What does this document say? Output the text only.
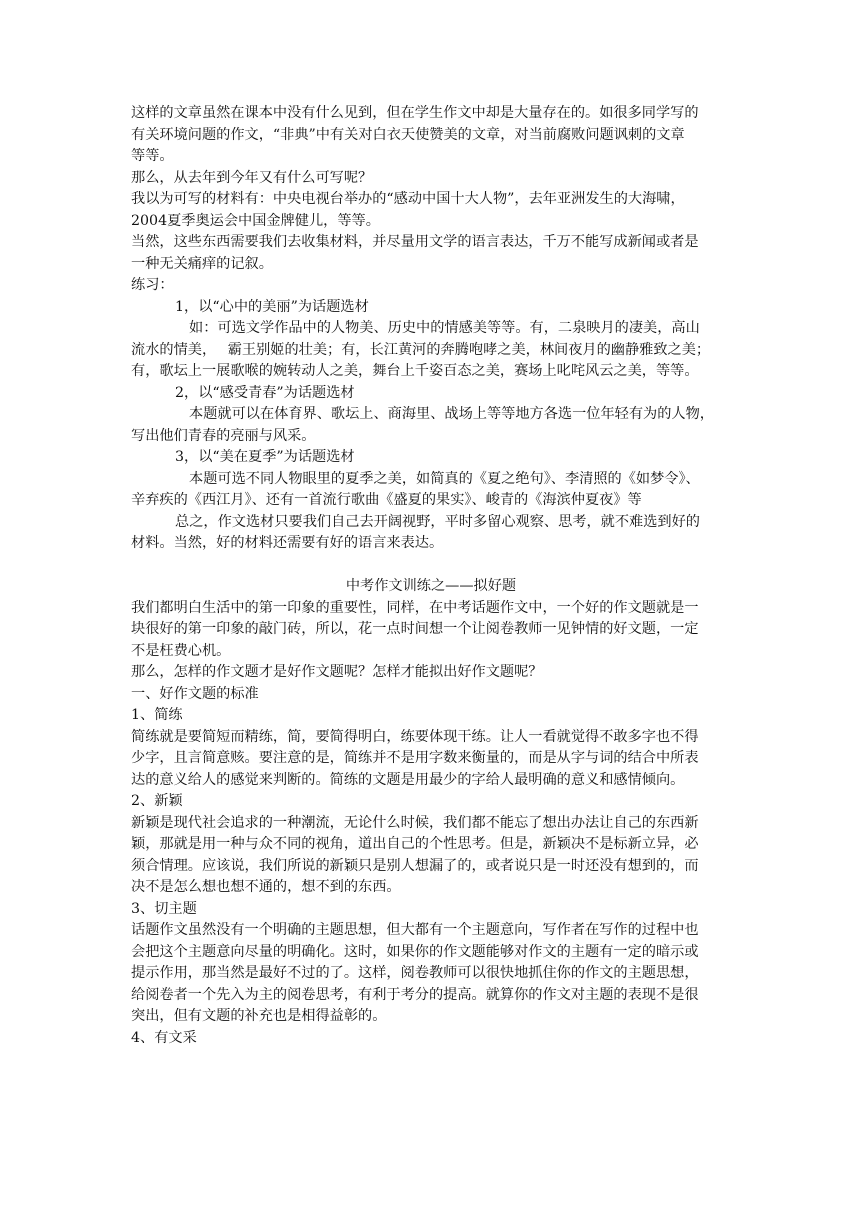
这样的文章虽然在课本中没有什么见到，但在学生作文中却是大量存在的。如很多同学写的
有关环境问题的作文，“非典”中有关对白衣天使赞美的文章，对当前腐败问题讽刺的文章
等等。

那么，从去年到今年又有什么可写呢？

我以为可写的材料有：中央电视台举办的“感动中国十大人物”，去年亚洲发生的大海啸，
2004夏季奥运会中国金牌健儿，等等。

当然，这些东西需要我们去收集材料，并尽量用文学的语言表达，千万不能写成新闻或者是
一种无关痛痒的记叙。

练习：

1，以“心中的美丽”为话题选材

如：可选文学作品中的人物美、历史中的情感美等等。有，二泉映月的凄美，高山
流水的情美，　 霸王别姬的壮美；有，长江黄河的奔腾咆哮之美，林间夜月的幽静雅致之美；
有，歌坛上一展歌喉的婉转动人之美，舞台上千姿百态之美，赛场上叱咤风云之美，等等。

2，以“感受青春”为话题选材

本题就可以在体育界、歌坛上、商海里、战场上等等地方各选一位年轻有为的人物，
写出他们青春的亮丽与风采。

3，以“美在夏季”为话题选材

本题可选不同人物眼里的夏季之美，如简真的《夏之绝句》、李清照的《如梦令》、
辛弃疾的《西江月》、还有一首流行歌曲《盛夏的果实》、峻青的《海滨仲夏夜》等

总之，作文选材只要我们自己去开阔视野，平时多留心观察、思考，就不难选到好的
材料。当然，好的材料还需要有好的语言来表达。

中考作文训练之——拟好题

我们都明白生活中的第一印象的重要性，同样，在中考话题作文中，一个好的作文题就是一
块很好的第一印象的敲门砖，所以，花一点时间想一个让阅卷教师一见钟情的好文题，一定
不是枉费心机。

那么，怎样的作文题才是好作文题呢？怎样才能拟出好作文题呢？

一、好作文题的标准

1、简练

简练就是要简短而精练，简，要简得明白，练要体现干练。让人一看就觉得不敢多字也不得
少字，且言简意赅。要注意的是，简练并不是用字数来衡量的，而是从字与词的结合中所表
达的意义给人的感觉来判断的。简练的文题是用最少的字给人最明确的意义和感情倾向。

2、新颖

新颖是现代社会追求的一种潮流，无论什么时候，我们都不能忘了想出办法让自己的东西新
颖，那就是用一种与众不同的视角，道出自己的个性思考。但是，新颖决不是标新立异，必
须合情理。应该说，我们所说的新颖只是别人想漏了的，或者说只是一时还没有想到的，而
决不是怎么想也想不通的，想不到的东西。

3、切主题

话题作文虽然没有一个明确的主题思想，但大都有一个主题意向，写作者在写作的过程中也
会把这个主题意向尽量的明确化。这时，如果你的作文题能够对作文的主题有一定的暗示或
提示作用，那当然是最好不过的了。这样，阅卷教师可以很快地抓住你的作文的主题思想，
给阅卷者一个先入为主的阅卷思考，有利于考分的提高。就算你的作文对主题的表现不是很
突出，但有文题的补充也是相得益彰的。

4、有文采
